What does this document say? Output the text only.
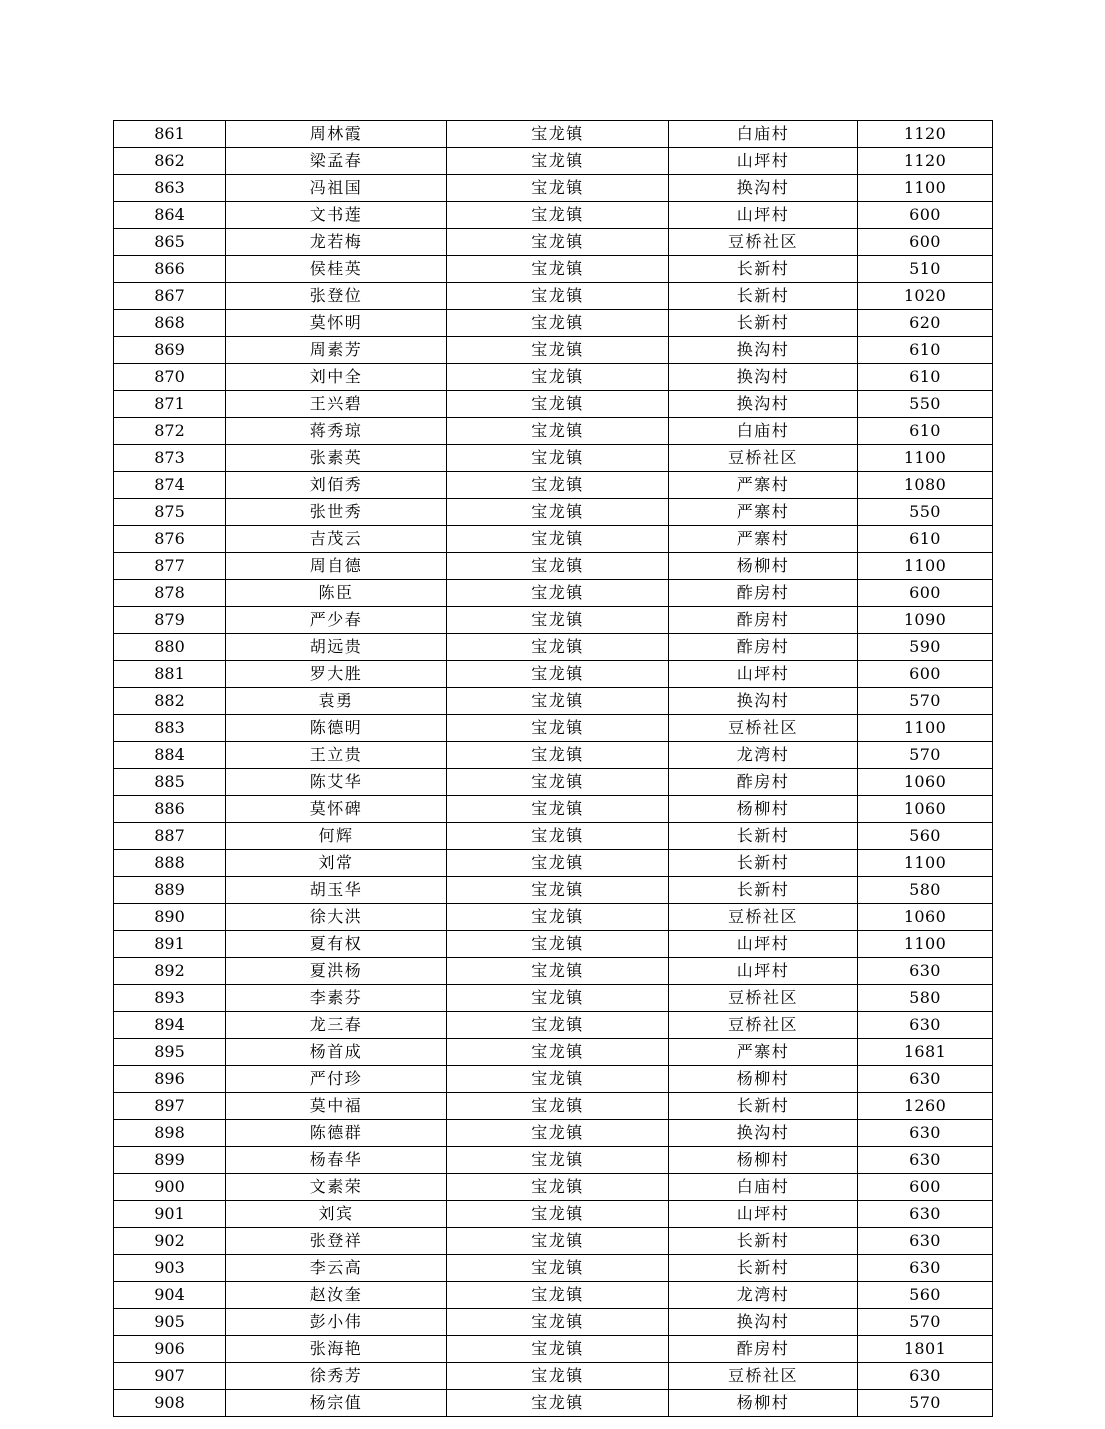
861	周林霞	宝龙镇	白庙村	1120
862	梁孟春	宝龙镇	山坪村	1120
863	冯祖国	宝龙镇	换沟村	1100
864	文书莲	宝龙镇	山坪村	600
865	龙若梅	宝龙镇	豆桥社区	600
866	侯桂英	宝龙镇	长新村	510
867	张登位	宝龙镇	长新村	1020
868	莫怀明	宝龙镇	长新村	620
869	周素芳	宝龙镇	换沟村	610
870	刘中全	宝龙镇	换沟村	610
871	王兴碧	宝龙镇	换沟村	550
872	蒋秀琼	宝龙镇	白庙村	610
873	张素英	宝龙镇	豆桥社区	1100
874	刘佰秀	宝龙镇	严寨村	1080
875	张世秀	宝龙镇	严寨村	550
876	吉茂云	宝龙镇	严寨村	610
877	周自德	宝龙镇	杨柳村	1100
878	陈臣	宝龙镇	酢房村	600
879	严少春	宝龙镇	酢房村	1090
880	胡远贵	宝龙镇	酢房村	590
881	罗大胜	宝龙镇	山坪村	600
882	袁勇	宝龙镇	换沟村	570
883	陈德明	宝龙镇	豆桥社区	1100
884	王立贵	宝龙镇	龙湾村	570
885	陈艾华	宝龙镇	酢房村	1060
886	莫怀碑	宝龙镇	杨柳村	1060
887	何辉	宝龙镇	长新村	560
888	刘常	宝龙镇	长新村	1100
889	胡玉华	宝龙镇	长新村	580
890	徐大洪	宝龙镇	豆桥社区	1060
891	夏有权	宝龙镇	山坪村	1100
892	夏洪杨	宝龙镇	山坪村	630
893	李素芬	宝龙镇	豆桥社区	580
894	龙三春	宝龙镇	豆桥社区	630
895	杨首成	宝龙镇	严寨村	1681
896	严付珍	宝龙镇	杨柳村	630
897	莫中福	宝龙镇	长新村	1260
898	陈德群	宝龙镇	换沟村	630
899	杨春华	宝龙镇	杨柳村	630
900	文素荣	宝龙镇	白庙村	600
901	刘宾	宝龙镇	山坪村	630
902	张登祥	宝龙镇	长新村	630
903	李云高	宝龙镇	长新村	630
904	赵汝奎	宝龙镇	龙湾村	560
905	彭小伟	宝龙镇	换沟村	570
906	张海艳	宝龙镇	酢房村	1801
907	徐秀芳	宝龙镇	豆桥社区	630
908	杨宗值	宝龙镇	杨柳村	570
